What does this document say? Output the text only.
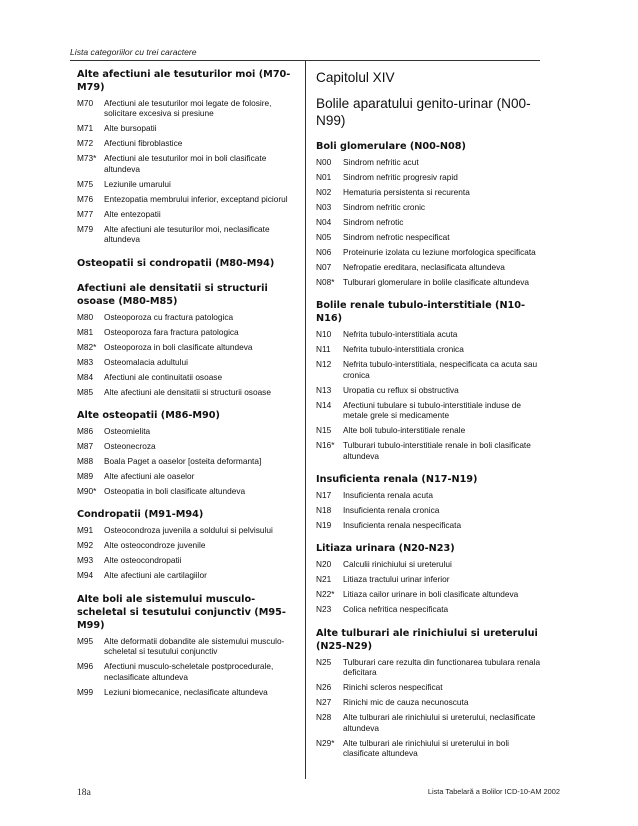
Lista categoriilor cu trei caractere
Alte afectiuni ale tesuturilor moi (M70-M79)
M70	Afectiuni ale tesuturilor moi legate de folosire, solicitare excesiva si presiune
M71	Alte bursopatii
M72	Afectiuni fibroblastice
M73* Afectiuni ale tesuturilor moi in boli clasificate altundeva
M75	Leziunile umarului
M76	Entezopatia membrului inferior, exceptand piciorul
M77	Alte entezopatii
M79	Alte afectiuni ale tesuturilor moi, neclasificate altundeva
Osteopatii si condropatii (M80-M94)
Afectiuni ale densitatii si structurii osoase (M80-M85)
M80	Osteoporoza cu fractura patologica
M81	Osteoporoza fara fractura patologica
M82* Osteoporoza in boli clasificate altundeva
M83	Osteomalacia adultului
M84	Afectiuni ale continuitatii osoase
M85	Alte afectiuni ale densitatii si structurii osoase
Alte osteopatii (M86-M90)
M86	Osteomielita
M87	Osteonecroza
M88	Boala Paget a oaselor [osteita deformanta]
M89	Alte afectiuni ale oaselor
M90* Osteopatia in boli clasificate altundeva
Condropatii (M91-M94)
M91	Osteocondroza juvenila a soldului si pelvisului
M92	Alte osteocondroze juvenile
M93	Alte osteocondropatii
M94	Alte afectiuni ale cartilagiilor
Alte boli ale sistemului musculo-scheletal si tesutului conjunctiv (M95-M99)
M95	Alte deformatii dobandite ale sistemului musculo-scheletal si tesutului conjunctiv
M96	Afectiuni musculo-scheletale postprocedurale, neclasificate altundeva
M99	Leziuni biomecanice, neclasificate altundeva
Capitolul XIV
Bolile aparatului genito-urinar (N00-N99)
Boli glomerulare (N00-N08)
N00	Sindrom nefritic acut
N01	Sindrom nefritic progresiv rapid
N02	Hematuria persistenta si recurenta
N03	Sindrom nefritic cronic
N04	Sindrom nefrotic
N05	Sindrom nefrotic nespecificat
N06	Proteinurie izolata cu leziune morfologica specificata
N07	Nefropatie ereditara, neclasificata altundeva
N08*	Tulburari glomerulare in bolile clasificate altundeva
Bolile renale tubulo-interstitiale (N10-N16)
N10	Nefrita tubulo-interstitiala acuta
N11	Nefrita tubulo-interstitiala cronica
N12	Nefrita tubulo-interstitiala, nespecificata ca acuta sau cronica
N13	Uropatia cu reflux si obstructiva
N14	Afectiuni tubulare si tubulo-interstitiale induse de metale grele si medicamente
N15	Alte boli tubulo-interstitiale renale
N16*	Tulburari tubulo-interstitiale renale in boli clasificate altundeva
Insuficienta renala (N17-N19)
N17	Insuficienta renala acuta
N18	Insuficienta renala cronica
N19	Insuficienta renala nespecificata
Litiaza urinara (N20-N23)
N20	Calculii rinichiului si ureterului
N21	Litiaza tractului urinar inferior
N22*	Litiaza cailor urinare in boli clasificate altundeva
N23	Colica nefritica nespecificata
Alte tulburari ale rinichiului si ureterului (N25-N29)
N25	Tulburari care rezulta din functionarea tubulara renala deficitara
N26	Rinichi scleros nespecificat
N27	Rinichi mic de cauza necunoscuta
N28	Alte tulburari ale rinichiului si ureterului, neclasificate altundeva
N29*	Alte tulburari ale rinichiului si ureterului in boli clasificate altundeva
18a	Lista Tabelară a Bolilor ICD-10-AM 2002
